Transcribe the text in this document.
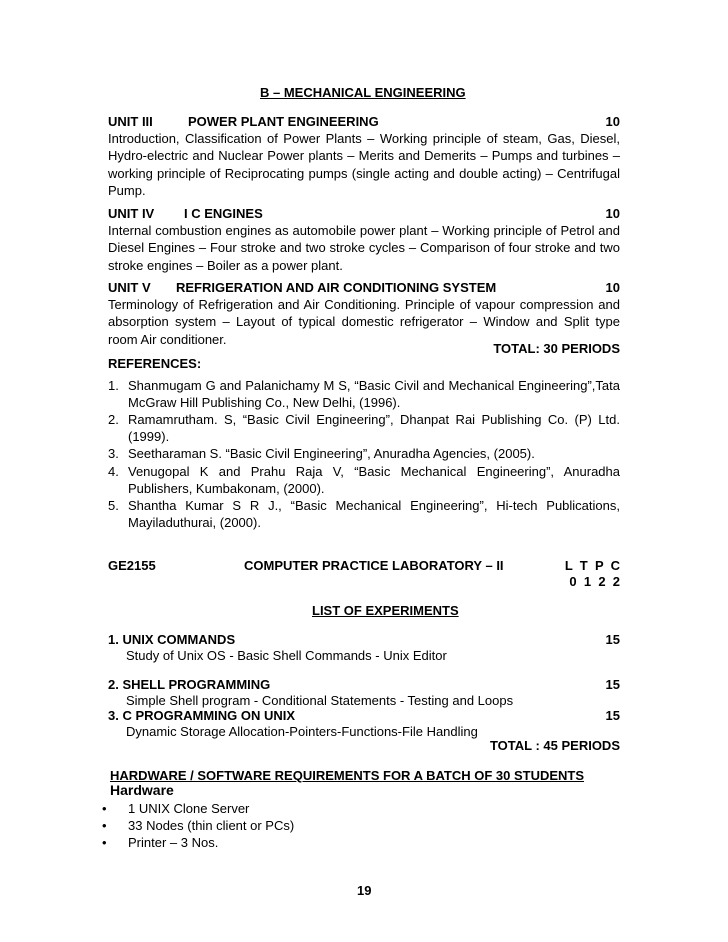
B – MECHANICAL ENGINEERING
UNIT III	POWER PLANT ENGINEERING	10
Introduction, Classification of Power Plants – Working principle of steam, Gas, Diesel, Hydro-electric and Nuclear Power plants – Merits and Demerits – Pumps and turbines – working principle of Reciprocating pumps (single acting and double acting) – Centrifugal Pump.
UNIT IV I C ENGINES	10
Internal combustion engines as automobile power plant – Working principle of Petrol and Diesel Engines – Four stroke and two stroke cycles – Comparison of four stroke and two stroke engines – Boiler as a power plant.
UNIT V REFRIGERATION AND AIR CONDITIONING SYSTEM	10
Terminology of Refrigeration and Air Conditioning. Principle of vapour compression and absorption system – Layout of typical domestic refrigerator – Window and Split type room Air conditioner.
TOTAL: 30 PERIODS
REFERENCES:
1. Shanmugam G and Palanichamy M S, “Basic Civil and Mechanical Engineering”,Tata McGraw Hill Publishing Co., New Delhi, (1996).
2. Ramamrutham. S, “Basic Civil Engineering”, Dhanpat Rai Publishing Co. (P) Ltd. (1999).
3. Seetharaman S. “Basic Civil Engineering”, Anuradha Agencies, (2005).
4. Venugopal K and Prahu Raja V, “Basic Mechanical Engineering”, Anuradha Publishers, Kumbakonam, (2000).
5. Shantha Kumar S R J., “Basic Mechanical Engineering”, Hi-tech Publications, Mayiladuthurai, (2000).
GE2155	COMPUTER PRACTICE LABORATORY – II	L  T  P  C
0  1  2  2
LIST OF EXPERIMENTS
1. UNIX COMMANDS	15
Study of Unix OS - Basic Shell Commands - Unix Editor
2. SHELL PROGRAMMING	15
Simple Shell program - Conditional Statements - Testing and Loops
3. C PROGRAMMING ON UNIX	15
Dynamic Storage Allocation-Pointers-Functions-File Handling
TOTAL : 45 PERIODS
HARDWARE / SOFTWARE REQUIREMENTS FOR A BATCH OF 30 STUDENTS
Hardware
• 1 UNIX Clone Server
• 33 Nodes (thin client or PCs)
• Printer – 3 Nos.
19
